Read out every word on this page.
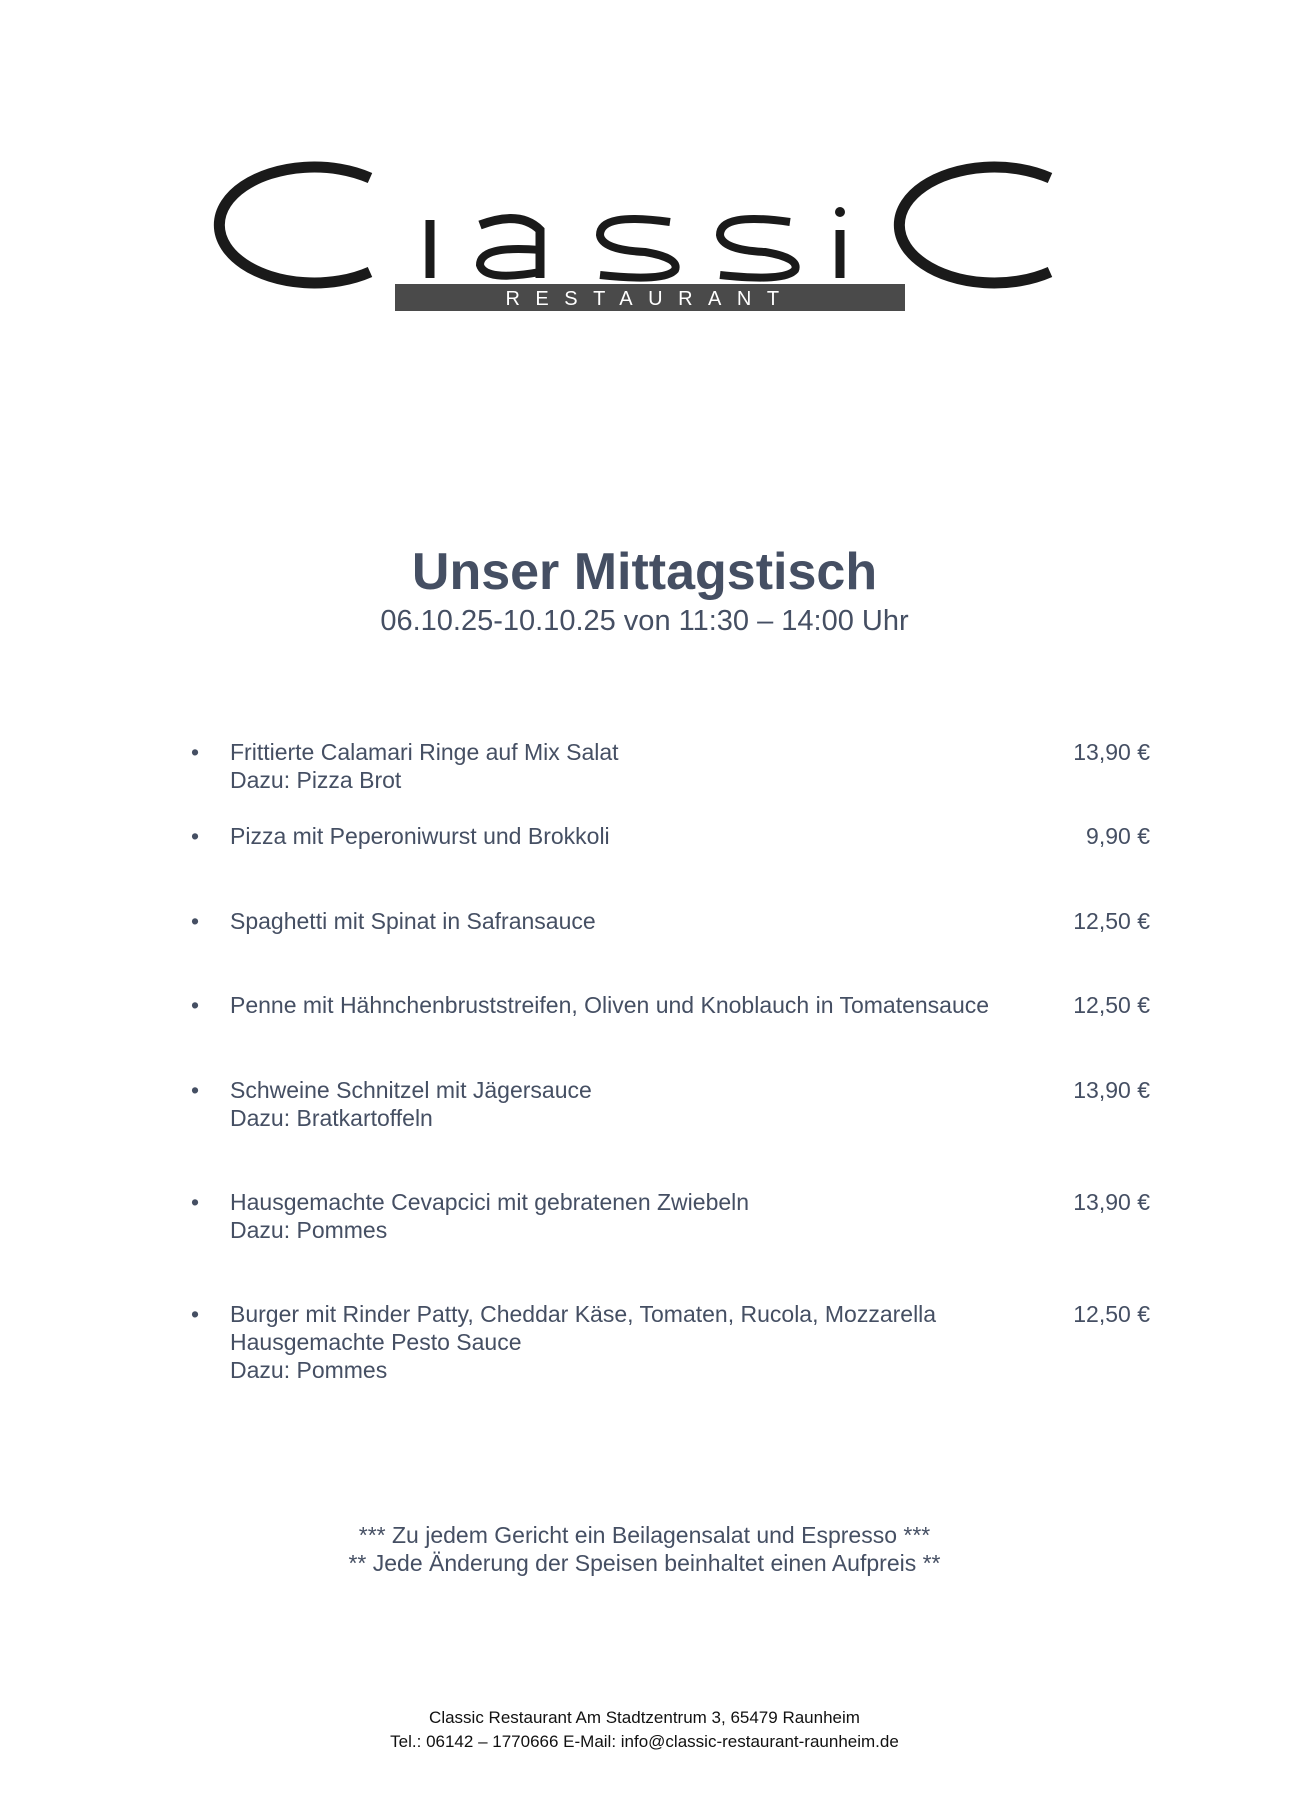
RESTAURANT
Unser Mittagstisch
06.10.25-10.10.25 von 11:30 – 14:00 Uhr
• Frittierte Calamari Ringe auf Mix Salat
Dazu: Pizza Brot
13,90 €
• Pizza mit Peperoniwurst und Brokkoli	9,90 €
• Spaghetti mit Spinat in Safransauce	12,50 €
• Penne mit Hähnchenbruststreifen, Oliven und Knoblauch in Tomatensauce	12,50 €
• Schweine Schnitzel mit Jägersauce
Dazu: Bratkartoffeln
13,90 €
• Hausgemachte Cevapcici mit gebratenen Zwiebeln
Dazu: Pommes
13,90 €
• Burger mit Rinder Patty, Cheddar Käse, Tomaten, Rucola, Mozzarella
Hausgemachte Pesto Sauce
Dazu: Pommes
12,50 €
*** Zu jedem Gericht ein Beilagensalat und Espresso ***
** Jede Änderung der Speisen beinhaltet einen Aufpreis **
Classic Restaurant Am Stadtzentrum 3, 65479 Raunheim
Tel.: 06142 – 1770666 E-Mail: info@classic-restaurant-raunheim.de
